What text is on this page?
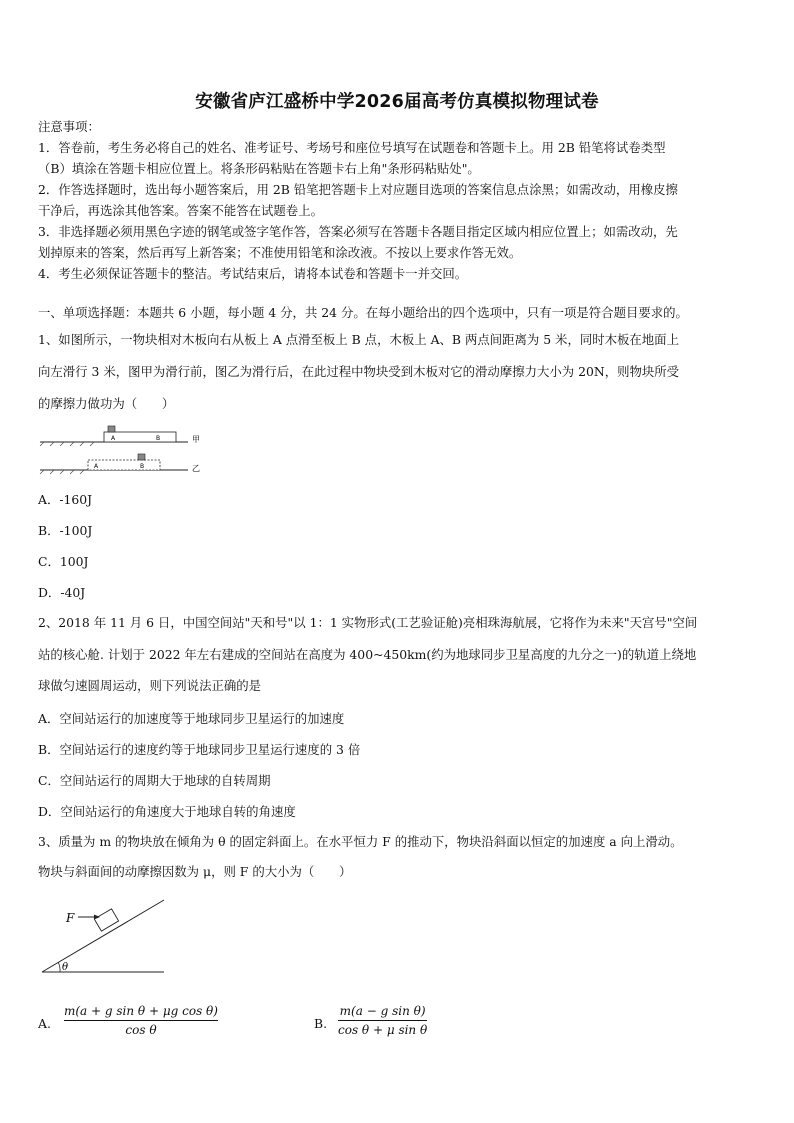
安徽省庐江盛桥中学2026届高考仿真模拟物理试卷
注意事项：
1．答卷前，考生务必将自己的姓名、准考证号、考场号和座位号填写在试题卷和答题卡上。用 2B 铅笔将试卷类型
（B）填涂在答题卡相应位置上。将条形码粘贴在答题卡右上角"条形码粘贴处"。
2．作答选择题时，选出每小题答案后，用 2B 铅笔把答题卡上对应题目选项的答案信息点涂黑；如需改动，用橡皮擦
干净后，再选涂其他答案。答案不能答在试题卷上。
3．非选择题必须用黑色字迹的钢笔或签字笔作答，答案必须写在答题卡各题目指定区域内相应位置上；如需改动，先
划掉原来的答案，然后再写上新答案；不准使用铅笔和涂改液。不按以上要求作答无效。
4．考生必须保证答题卡的整洁。考试结束后，请将本试卷和答题卡一并交回。
一、单项选择题：本题共 6 小题，每小题 4 分，共 24 分。在每小题给出的四个选项中，只有一项是符合题目要求的。
1、如图所示，一物块相对木板向右从板上 A 点滑至板上 B 点，木板上 A、B 两点间距离为 5 米，同时木板在地面上
向左滑行 3 米，图甲为滑行前，图乙为滑行后，在此过程中物块受到木板对它的滑动摩擦力大小为 20N，则物块所受
的摩擦力做功为（　　）
A	B	甲
A	B	乙
A．-160J
B．-100J
C．100J
D．-40J
2、2018 年 11 月 6 日，中国空间站"天和号"以 1：1 实物形式(工艺验证舱)亮相珠海航展，它将作为未来"天宫号"空间
站的核心舱. 计划于 2022 年左右建成的空间站在高度为 400~450km(约为地球同步卫星高度的九分之一)的轨道上绕地
球做匀速圆周运动，则下列说法正确的是
A．空间站运行的加速度等于地球同步卫星运行的加速度
B．空间站运行的速度约等于地球同步卫星运行速度的 3 倍
C．空间站运行的周期大于地球的自转周期
D．空间站运行的角速度大于地球自转的角速度
3、质量为 m 的物块放在倾角为 θ 的固定斜面上。在水平恒力 F 的推动下，物块沿斜面以恒定的加速度 a 向上滑动。
物块与斜面间的动摩擦因数为 μ，则 F 的大小为（　　）
F
θ
A.
m(a + g sin θ + μg cos θ)
cos θ	B.
m(a − g sin θ)
cos θ + μ sin θ
